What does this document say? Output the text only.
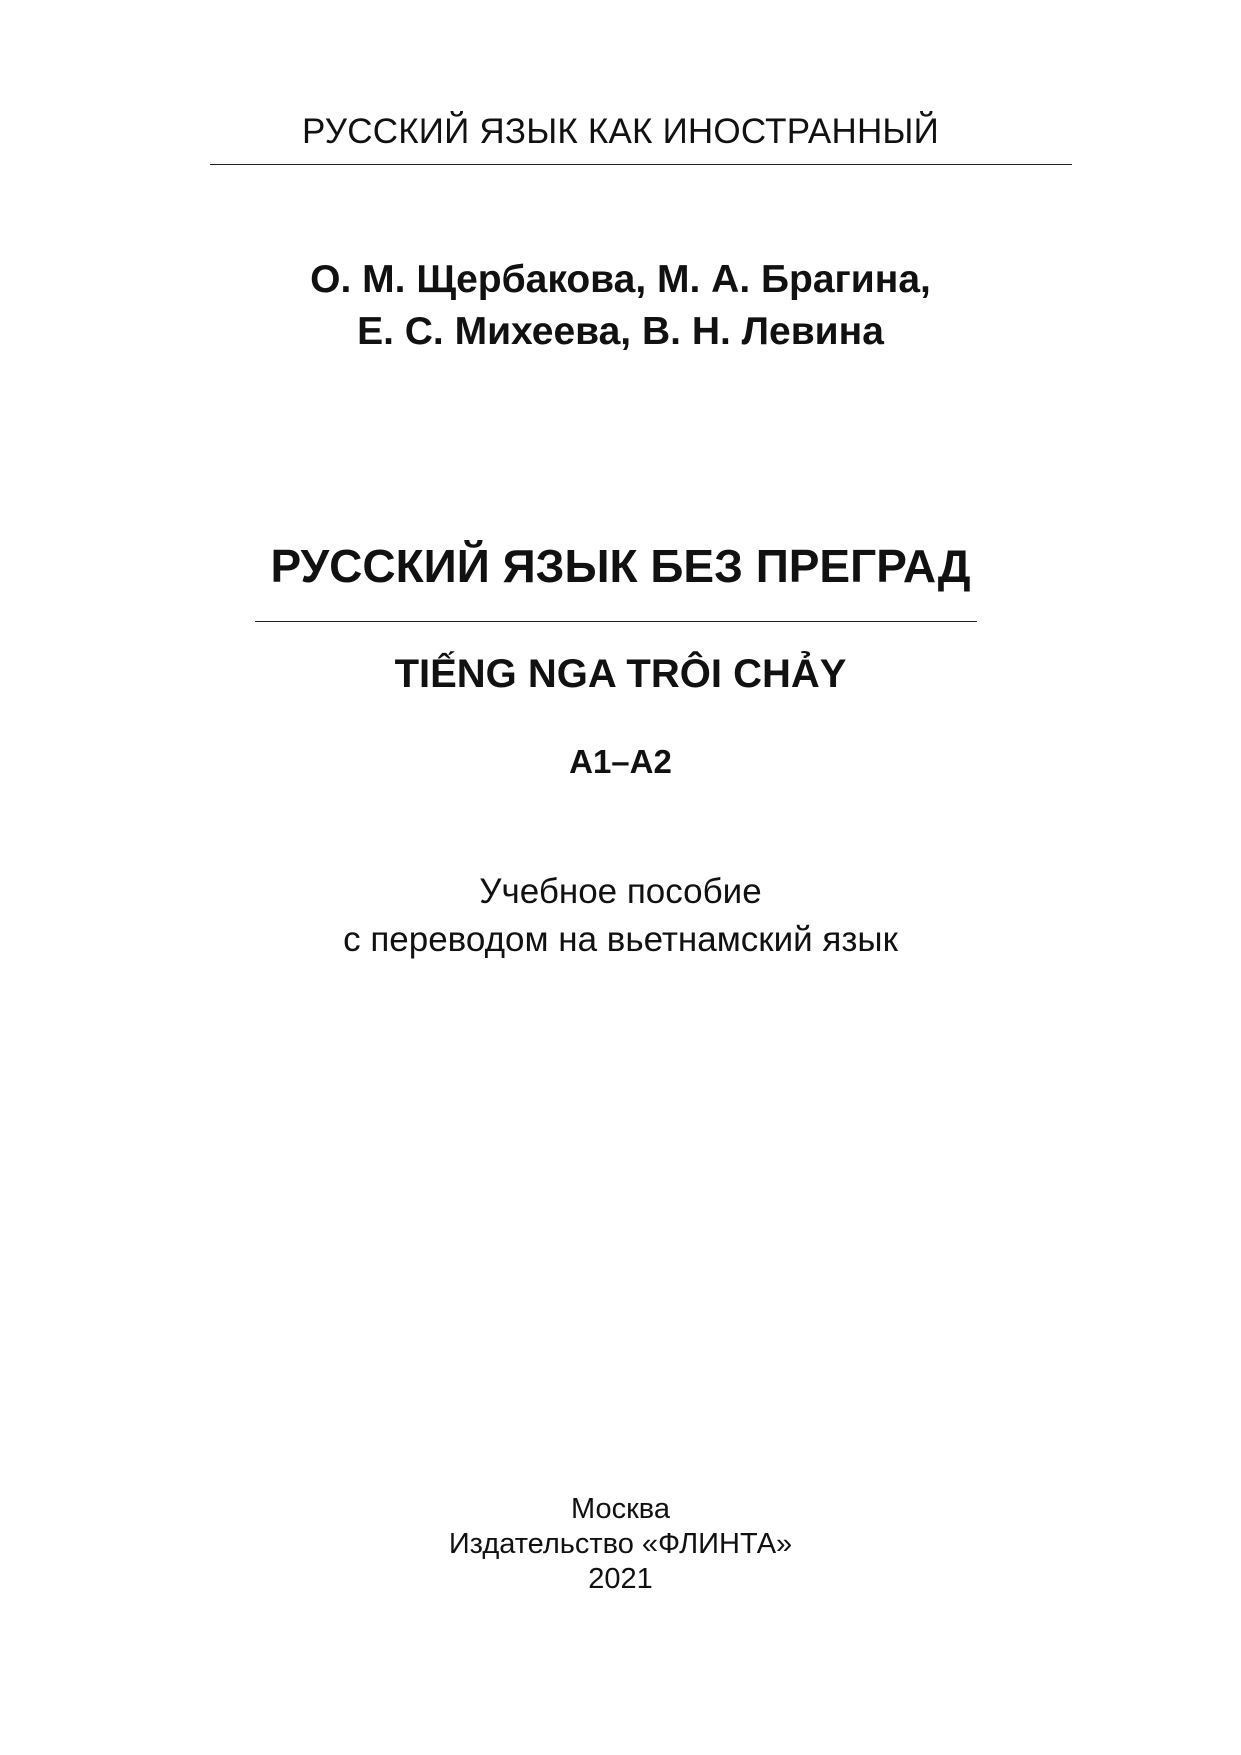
РУССКИЙ ЯЗЫК КАК ИНОСТРАННЫЙ
О. М. Щербакова, М. А. Брагина,
Е. С. Михеева, В. Н. Левина
РУССКИЙ ЯЗЫК БЕЗ ПРЕГРАД
TIẾNG NGA TRÔI CHẢY
A1–A2
Учебное пособие
с переводом на вьетнамский язык
Москва
Издательство «ФЛИНТА»
2021
